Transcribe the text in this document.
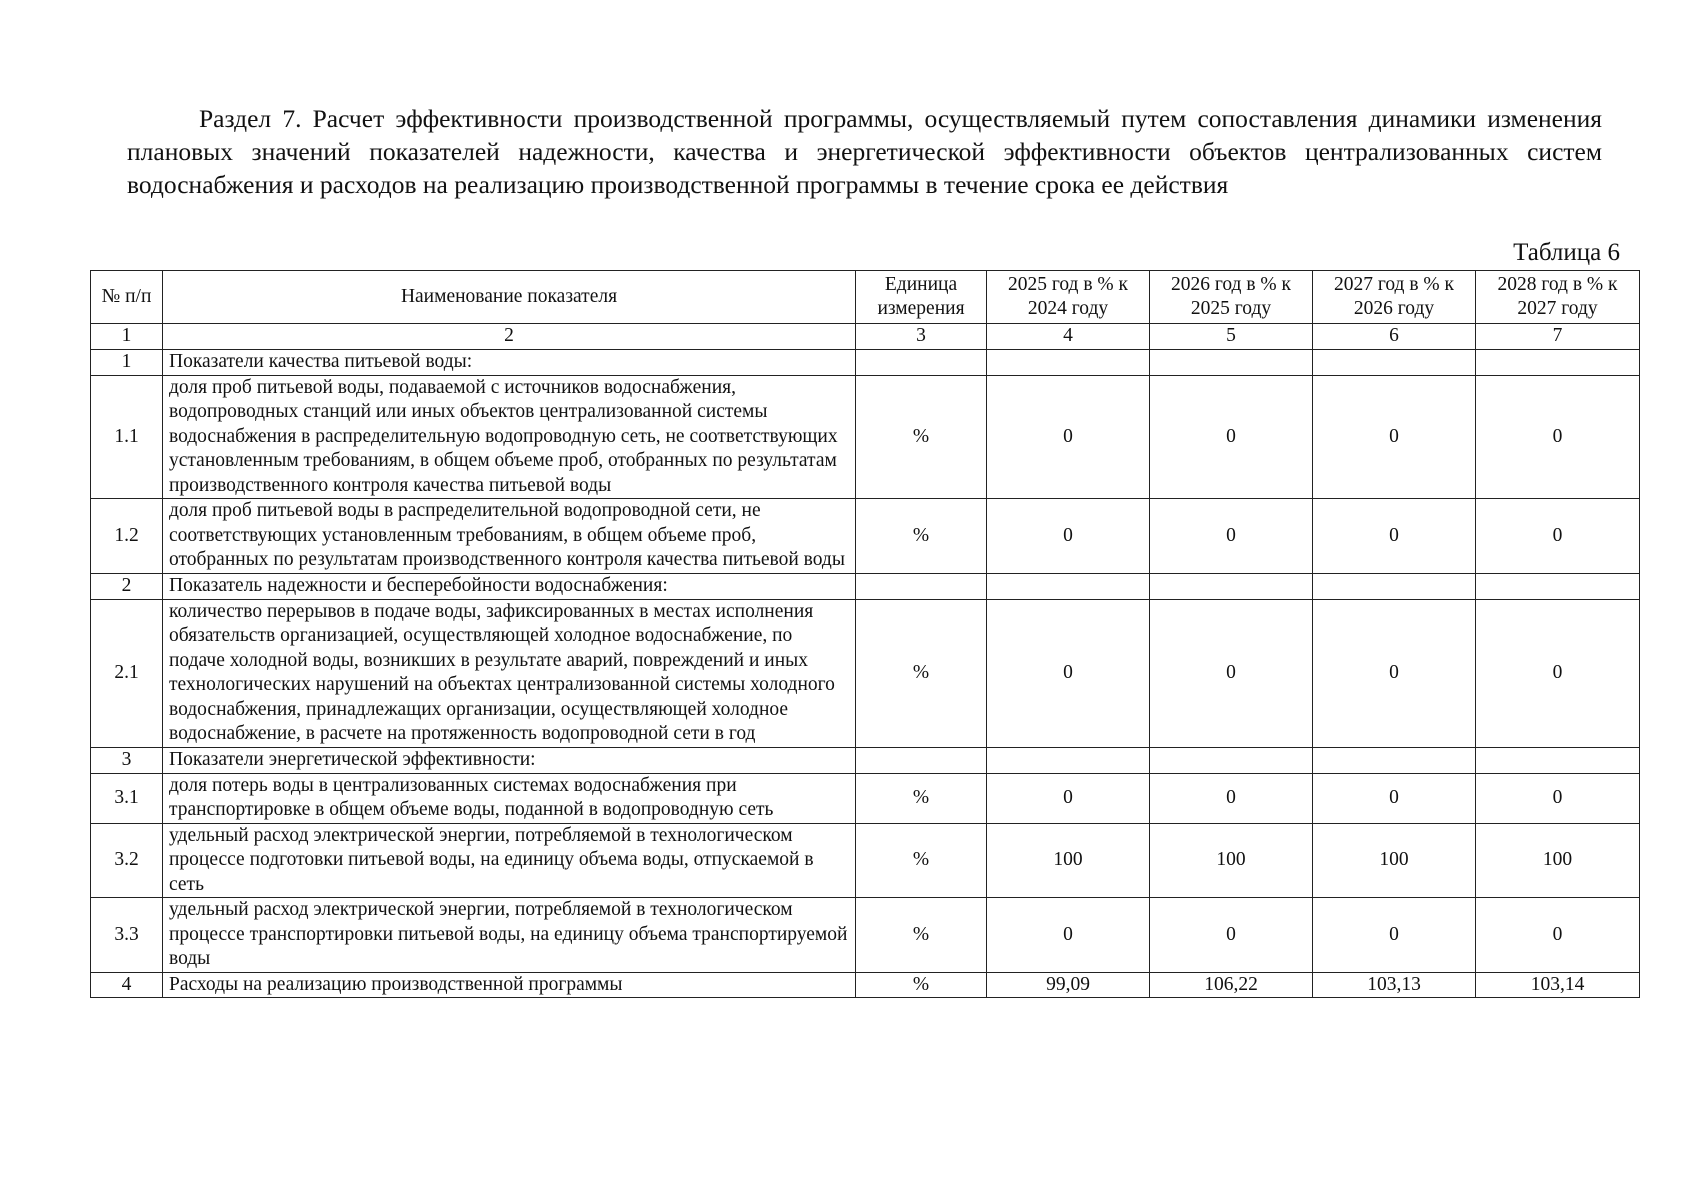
Раздел 7. Расчет эффективности производственной программы, осуществляемый путем сопоставления динамики изменения плановых значений показателей надежности, качества и энергетической эффективности объектов централизованных систем водоснабжения и расходов на реализацию производственной программы в течение срока ее действия

Таблица 6
№ п/п	Наименование показателя	Единица измерения	2025 год в % к 2024 году	2026 год в % к 2025 году	2027 год в % к 2026 году	2028 год в % к 2027 году
1	2	3	4	5	6	7
1	Показатели качества питьевой воды:					
1.1	доля проб питьевой воды, подаваемой с источников водоснабжения, водопроводных станций или иных объектов централизованной системы водоснабжения в распределительную водопроводную сеть, не соответствующих установленным требованиям, в общем объеме проб, отобранных по результатам производственного контроля качества питьевой воды	%	0	0	0	0
1.2	доля проб питьевой воды в распределительной водопроводной сети, не соответствующих установленным требованиям, в общем объеме проб, отобранных по результатам производственного контроля качества питьевой воды	%	0	0	0	0
2	Показатель надежности и бесперебойности водоснабжения:					
2.1	количество перерывов в подаче воды, зафиксированных в местах исполнения обязательств организацией, осуществляющей холодное водоснабжение, по подаче холодной воды, возникших в результате аварий, повреждений и иных технологических нарушений на объектах централизованной системы холодного водоснабжения, принадлежащих организации, осуществляющей холодное водоснабжение, в расчете на протяженность водопроводной сети в год	%	0	0	0	0
3	Показатели энергетической эффективности:					
3.1	доля потерь воды в централизованных системах водоснабжения при транспортировке в общем объеме воды, поданной в водопроводную сеть	%	0	0	0	0
3.2	удельный расход электрической энергии, потребляемой в технологическом процессе подготовки питьевой воды, на единицу объема воды, отпускаемой в сеть	%	100	100	100	100
3.3	удельный расход электрической энергии, потребляемой в технологическом процессе транспортировки питьевой воды, на единицу объема транспортируемой воды	%	0	0	0	0
4	Расходы на реализацию производственной программы	%	99,09	106,22	103,13	103,14
